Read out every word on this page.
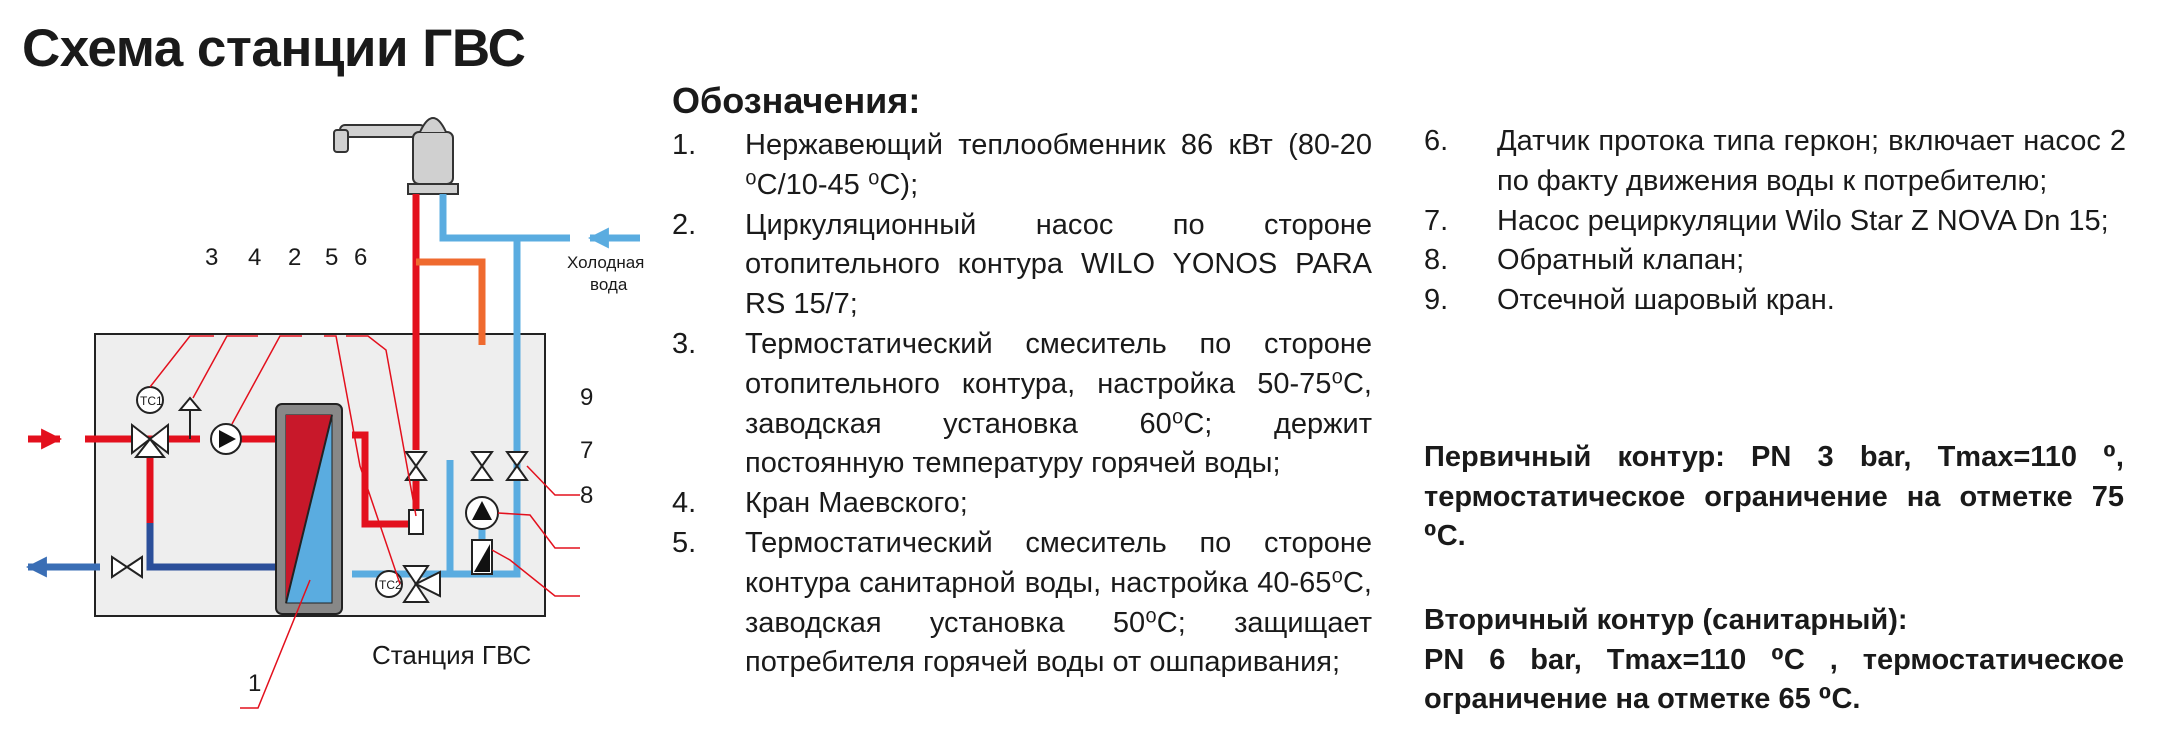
Схема станции ГВС
Станция ГВС
Холодная
вода
TC1
TC2
3 4 2 5 6
9
7
8
1
Обозначения:
1.	Нержавеющий теплообменник 86 кВт (80-20 ⁰С/10-45 ⁰С);
2.	Циркуляционный насос по стороне отопительного контура WILO YONOS PARA RS 15/7;
3.	Термостатический смеситель по стороне отопительного контура, настройка 50-75⁰С, заводская установка 60⁰С; держит постоянную температуру горячей воды;
4.	Кран Маевского;
5.	Термостатический смеситель по стороне контура санитарной воды, настройка 40-65⁰С, заводская установка 50⁰С; защищает потребителя горячей воды от ошпаривания;
6.	Датчик протока типа геркон; включает насос 2 по факту движения воды к потребителю;
7.	Насос рециркуляции Wilo Star Z NOVA Dn 15;
8.	Обратный клапан;
9.	Отсечной шаровый кран.

Первичный контур: PN 3 bar, Tmax=110 ⁰, термостатическое ограничение на отметке 75 ⁰С.

Вторичный контур (санитарный):
PN 6 bar, Tmax=110 ⁰С , термостатическое ограничение на отметке 65 ⁰С.
